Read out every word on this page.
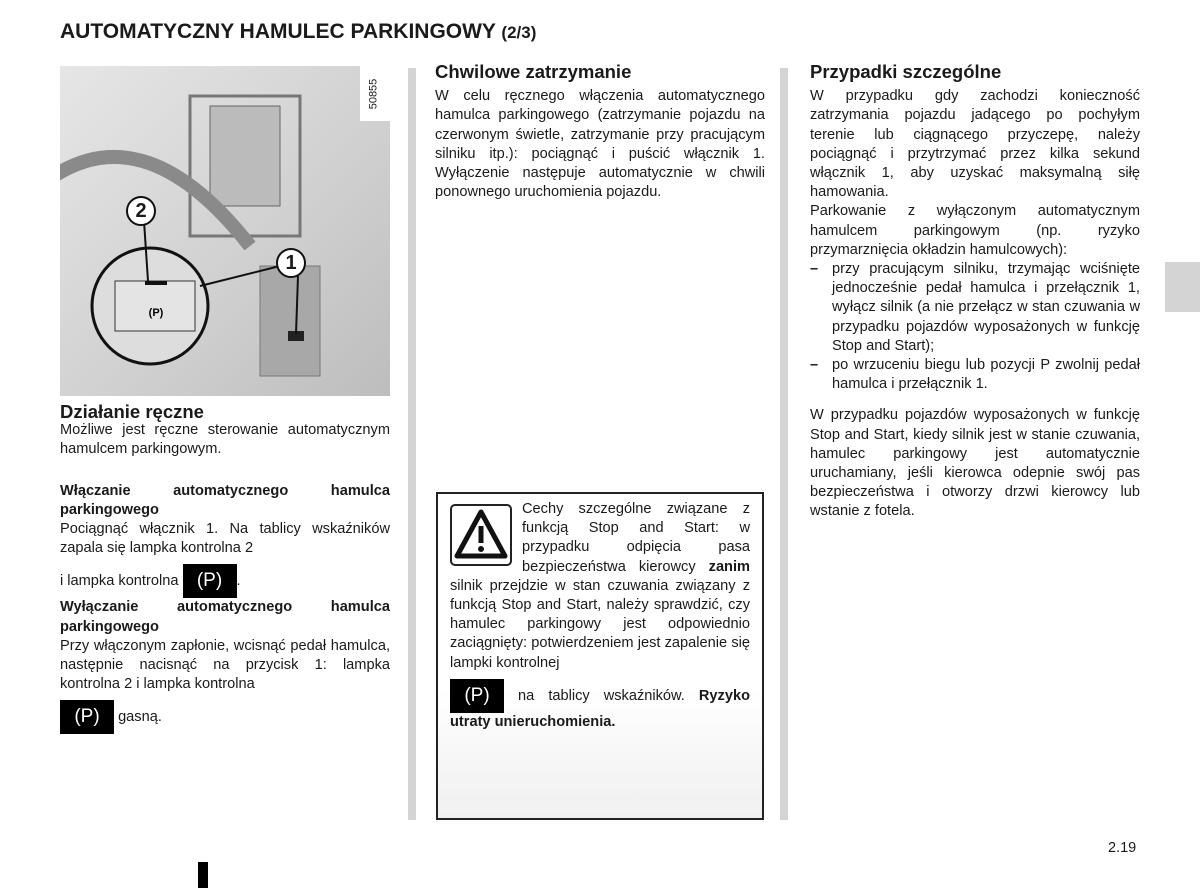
AUTOMATYCZNY HAMULEC PARKINGOWY (2/3)
(P)
50855
2
1
Działanie ręczne

Możliwe jest ręczne sterowanie automatycznym hamulcem parkingowym.

Włączanie automatycznego hamulca parkingowego

Pociągnąć włącznik 1. Na tablicy wskaźników zapala się lampka kontrolna 2

i lampka kontrolna (P) .

Wyłączanie automatycznego hamulca parkingowego

Przy włączonym zapłonie, wcisnąć pedał hamulca, następnie nacisnąć na przycisk 1: lampka kontrolna 2 i lampka kontrolna

(P) gasną.

Chwilowe zatrzymanie

W celu ręcznego włączenia automatycznego hamulca parkingowego (zatrzymanie pojazdu na czerwonym świetle, zatrzymanie przy pracującym silniku itp.): pociągnąć i puścić włącznik 1. Wyłączenie następuje automatycznie w chwili ponownego uruchomienia pojazdu.

Cechy szczególne związane z funkcją Stop and Start: w przypadku odpięcia pasa bezpieczeństwa kierowcy zanim silnik przejdzie w stan czuwania związany z funkcją Stop and Start, należy sprawdzić, czy hamulec parkingowy jest odpowiednio zaciągnięty: potwierdzeniem jest zapalenie się lampki kontrolnej
(P) na tablicy wskaźników. Ryzyko utraty unieruchomienia.
Przypadki szczególne

W przypadku gdy zachodzi konieczność zatrzymania pojazdu jadącego po pochyłym terenie lub ciągnącego przyczepę, należy pociągnąć i przytrzymać przez kilka sekund włącznik 1, aby uzyskać maksymalną siłę hamowania.

Parkowanie z wyłączonym automatycznym hamulcem parkingowym (np. ryzyko przymarznięcia okładzin hamulcowych):

– przy pracującym silniku, trzymając wciśnięte jednocześnie pedał hamulca i przełącznik 1, wyłącz silnik (a nie przełącz w stan czuwania w przypadku pojazdów wyposażonych w funkcję Stop and Start);
– po wrzuceniu biegu lub pozycji P zwolnij pedał hamulca i przełącznik 1.

W przypadku pojazdów wyposażonych w funkcję Stop and Start, kiedy silnik jest w stanie czuwania, hamulec parkingowy jest automatycznie uruchamiany, jeśli kierowca odepnie swój pas bezpieczeństwa i otworzy drzwi kierowcy lub wstanie z fotela.

2.19
